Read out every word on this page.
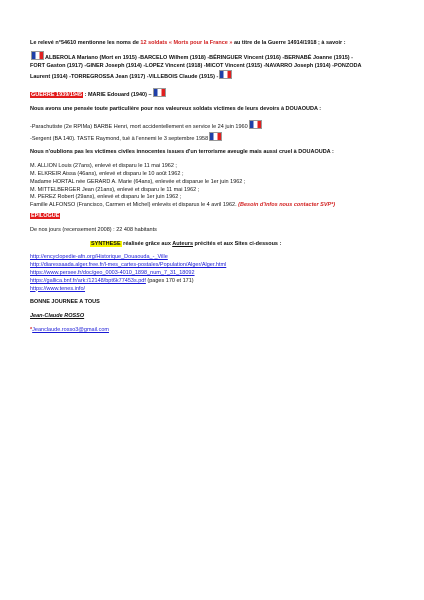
Le relevé n°54610 mentionne les noms de 12 soldats « Morts pour la France » au titre de la Guerre 14914/1918 ; à savoir :

ALBEROLA Mariano (Mort en 1915) -BARCELO Wilhem (1918) -BÉRINGUER Vincent (1916) -BERNABÉ Joanne (1915) -
FORT Gaston (1917) -GINER Joseph (1914) -LOPEZ Vincent (1918) -MICOT Vincent (1915) -NAVARRO Joseph (1914) -PONZODA
Laurent (1914) -TORREGROSSA Jean (1917) -VILLEBOIS Claude (1915) -

GUERRE 1939/1945 : MARIE Edouard (1940) –

Nous avons une pensée toute particulière pour nos valeureux soldats victimes de leurs devoirs à DOUAOUDA :

-Parachutiste (2e RPIMa) BARBE Henri, mort accidentellement en service le 24 juin 1960
-Sergent (BA 140). TASTE Raymond, tué à l'ennemi le 3 septembre 1958

Nous n'oublions pas les victimes civiles innocentes issues d'un terrorisme aveugle mais aussi cruel à DOUAOUDA :

M. ALLION Louis (27ans), enlevé et disparu le 11 mai 1962 ;
M. ELKREIR Aissa (46ans), enlevé et disparu le 10 août 1962 ;
Madame HORTAL née GERARD A. Marie (64ans), enlevée et disparue le 1er juin 1962 ;
M. MITTELBERGER Jean (21ans), enlevé et disparu le 11 mai 1962 ;
M. PEREZ Robert (29ans), enlevé et disparu le 1er juin 1962 ;
Famille ALFONSO (Francisco, Carmen et Michel) enlevés et disparus le 4 avril 1962. (Besoin d'infos nous contacter SVP*)

EPILOGUE

De nos jours (recensement 2008) : 22 408 habitants

SYNTHESE réalisée grâce aux Auteurs précités et aux Sites ci-dessous :

http://encyclopedie-afn.org/Historique_Douaouda_-_Ville
http://diaressaada.alger.free.fr/l-mes_cartes-postales/Population/Alger/Alger.html
https://www.persee.fr/doc/geo_0003-4010_1898_num_7_31_18092
https://gallica.bnf.fr/ark:/12148/bpt6k77453s.pdf (pages 170 et 171)
https://www.tenes.info/

BONNE JOURNEE A TOUS

Jean-Claude ROSSO

*Jeanclaude.rosso3@gmail.com
